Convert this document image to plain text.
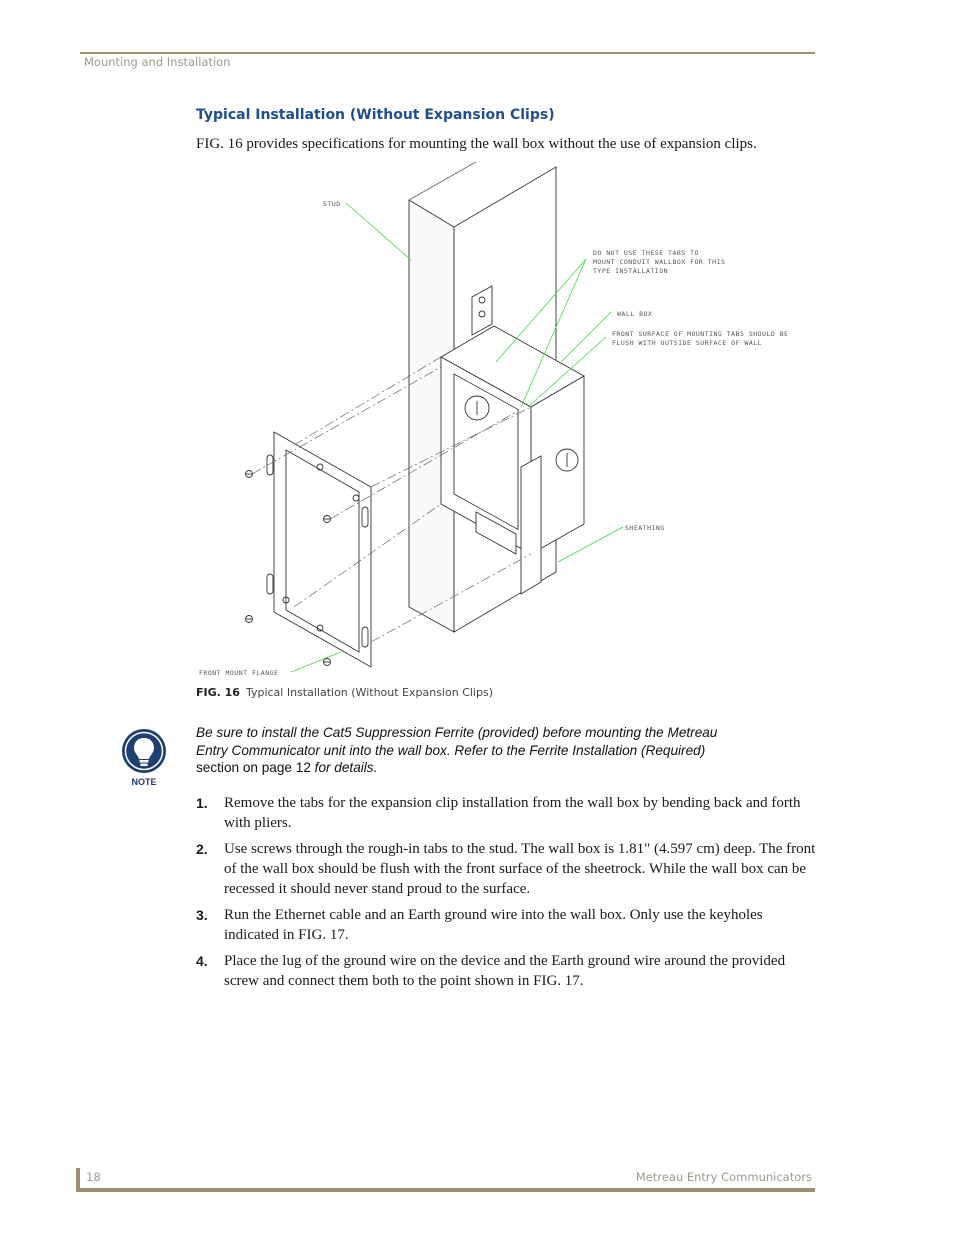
Mounting and Installation
Typical Installation (Without Expansion Clips)

FIG. 16 provides specifications for mounting the wall box without the use of expansion clips.

STUD
DO NOT USE THESE TABS TO
MOUNT CONDUIT WALLBOX FOR THIS
TYPE INSTALLATION
WALL BOX
FRONT SURFACE OF MOUNTING TABS SHOULD BE
FLUSH WITH OUTSIDE SURFACE OF WALL
SHEATHING
FRONT MOUNT FLANGE
FIG. 16 Typical Installation (Without Expansion Clips)
NOTE

Be sure to install the Cat5 Suppression Ferrite (provided) before mounting the Metreau Entry Communicator unit into the wall box. Refer to the Ferrite Installation (Required) section on page 12 for details.

1. Remove the tabs for the expansion clip installation from the wall box by bending back and forth with pliers.
2. Use screws through the rough-in tabs to the stud. The wall box is 1.81" (4.597 cm) deep. The front of the wall box should be flush with the front surface of the sheetrock. While the wall box can be recessed it should never stand proud to the surface.
3. Run the Ethernet cable and an Earth ground wire into the wall box. Only use the keyholes indicated in FIG. 17.
4. Place the lug of the ground wire on the device and the Earth ground wire around the provided screw and connect them both to the point shown in FIG. 17.
18	Metreau Entry Communicators
